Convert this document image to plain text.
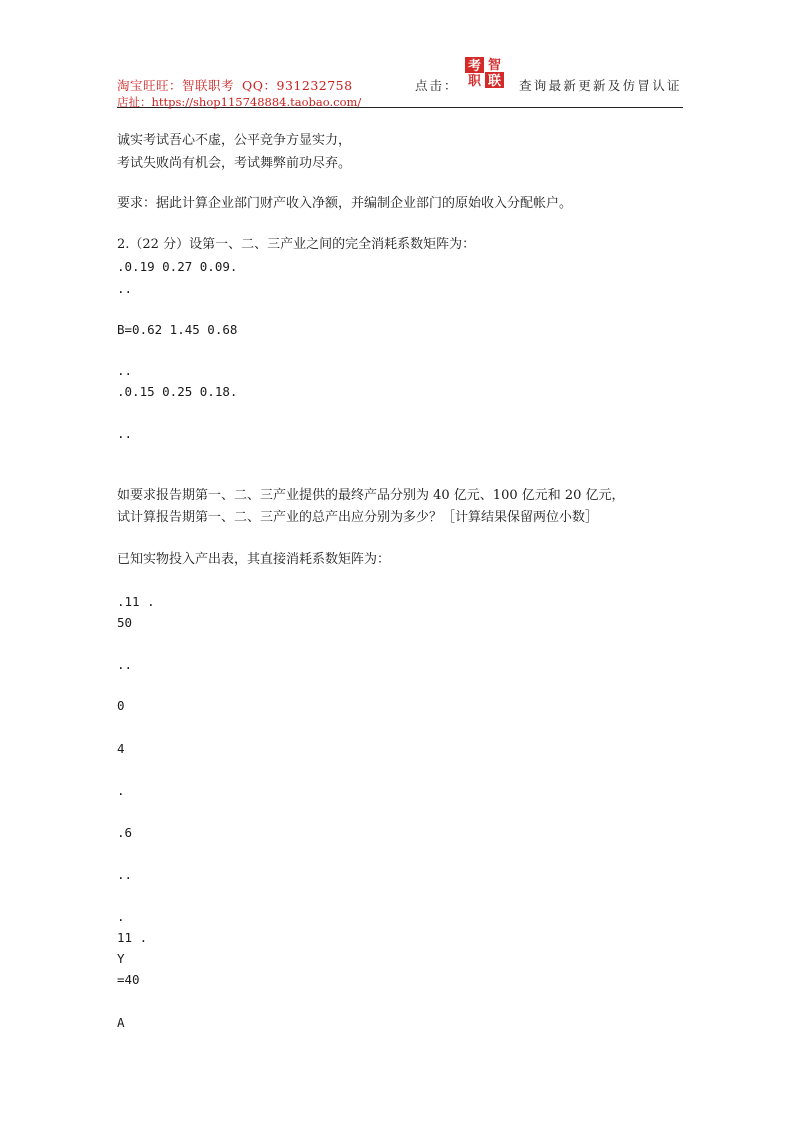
淘宝旺旺：智联职考 QQ：931232758
店扯：https://shop115748884.taobao.com/
点击：
考 智
职 联 查询最新更新及仿冒认证
诚实考试吾心不虚，公平竞争方显实力，
考试失败尚有机会，考试舞弊前功尽弃。
要求：据此计算企业部门财产收入净额，并编制企业部门的原始收入分配帐户。
2.（22 分）设第一、二、三产业之间的完全消耗系数矩阵为：
.0.19 0.27 0.09.
..
B=0.62 1.45 0.68
..
.0.15 0.25 0.18.
..
如要求报告期第一、二、三产业提供的最终产品分别为 40 亿元、100 亿元和 20 亿元，
试计算报告期第一、二、三产业的总产出应分别为多少？［计算结果保留两位小数］
已知实物投入产出表，其直接消耗系数矩阵为：
.11 .
50
..
0
4
.
.6
..
.
11 .
Y
=40
A
